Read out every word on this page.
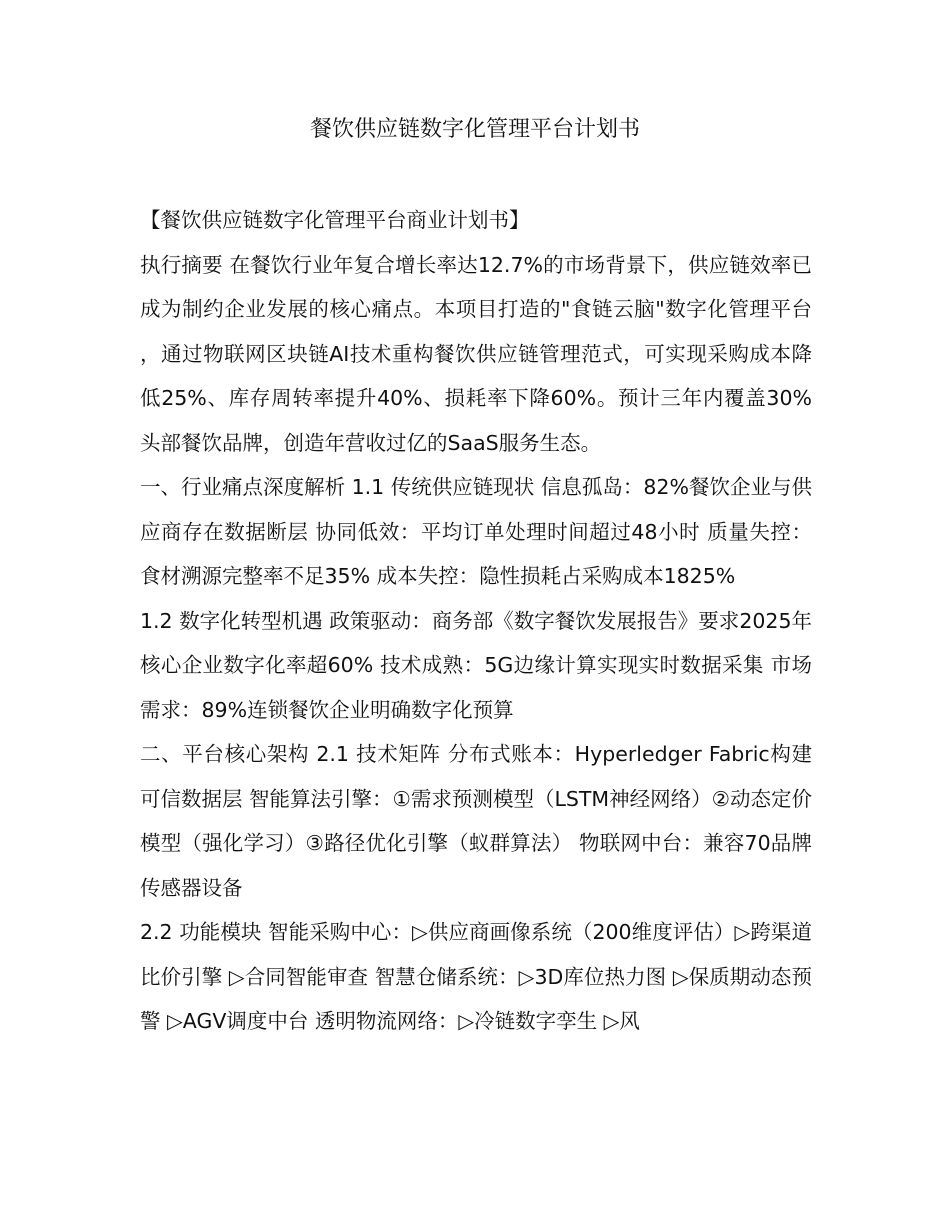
餐饮供应链数字化管理平台计划书

【餐饮供应链数字化管理平台商业计划书】

执行摘要 在餐饮行业年复合增长率达12.7%的市场背景下，供应链效率已成为制约企业发展的核心痛点。本项目打造的"食链云脑"数字化管理平台，通过物联网区块链AI技术重构餐饮供应链管理范式，可实现采购成本降低25%、库存周转率提升40%、损耗率下降60%。预计三年内覆盖30%头部餐饮品牌，创造年营收过亿的SaaS服务生态。

一、行业痛点深度解析 1.1 传统供应链现状 信息孤岛：82%餐饮企业与供应商存在数据断层 协同低效：平均订单处理时间超过48小时 质量失控：食材溯源完整率不足35% 成本失控：隐性损耗占采购成本1825%

1.2 数字化转型机遇 政策驱动：商务部《数字餐饮发展报告》要求2025年核心企业数字化率超60% 技术成熟：5G边缘计算实现实时数据采集 市场需求：89%连锁餐饮企业明确数字化预算

二、平台核心架构 2.1 技术矩阵 分布式账本：Hyperledger Fabric构建可信数据层 智能算法引擎：①需求预测模型（LSTM神经网络）②动态定价模型（强化学习）③路径优化引擎（蚁群算法） 物联网中台：兼容70品牌传感器设备

2.2 功能模块 智能采购中心：▷供应商画像系统（200维度评估）▷跨渠道比价引擎 ▷合同智能审查 智慧仓储系统：▷3D库位热力图 ▷保质期动态预警 ▷AGV调度中台 透明物流网络：▷冷链数字孪生 ▷风
